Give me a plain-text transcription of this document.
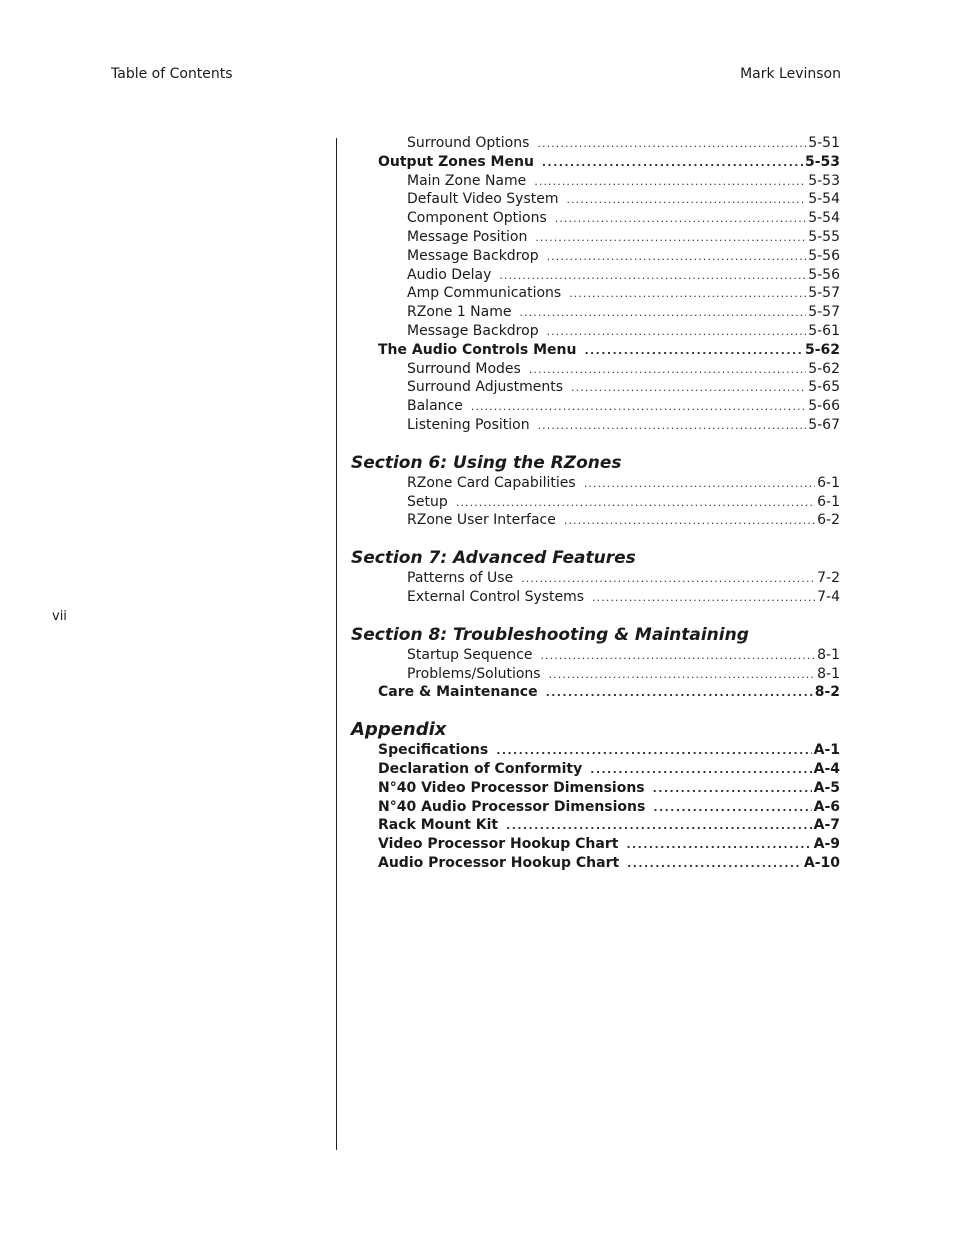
Table of Contents	Mark Levinson
vii
Surround Options . . .	5-51
Output Zones Menu . . .	5-53
Main Zone Name . . .	5-53
Default Video System . . .	5-54
Component Options . . .	5-54
Message Position . . .	5-55
Message Backdrop . . .	5-56
Audio Delay . . .	5-56
Amp Communications . . .	5-57
RZone 1 Name . . .	5-57
Message Backdrop . . .	5-61
The Audio Controls Menu . . .	5-62
Surround Modes . . .	5-62
Surround Adjustments . . .	5-65
Balance . . .	5-66
Listening Position . . .	5-67
Section 6: Using the RZones
RZone Card Capabilities . . .	6-1
Setup . . .	6-1
RZone User Interface . . .	6-2
Section 7: Advanced Features
Patterns of Use . . .	7-2
External Control Systems . . .	7-4
Section 8: Troubleshooting & Maintaining
Startup Sequence . . .	8-1
Problems/Solutions . . .	8-1
Care & Maintenance . . .	8-2
Appendix
Specifications . . .	A-1
Declaration of Conformity . . .	A-4
N°40 Video Processor Dimensions . . .	A-5
N°40 Audio Processor Dimensions . . .	A-6
Rack Mount Kit . . .	A-7
Video Processor Hookup Chart . . .	A-9
Audio Processor Hookup Chart . . .	A-10
